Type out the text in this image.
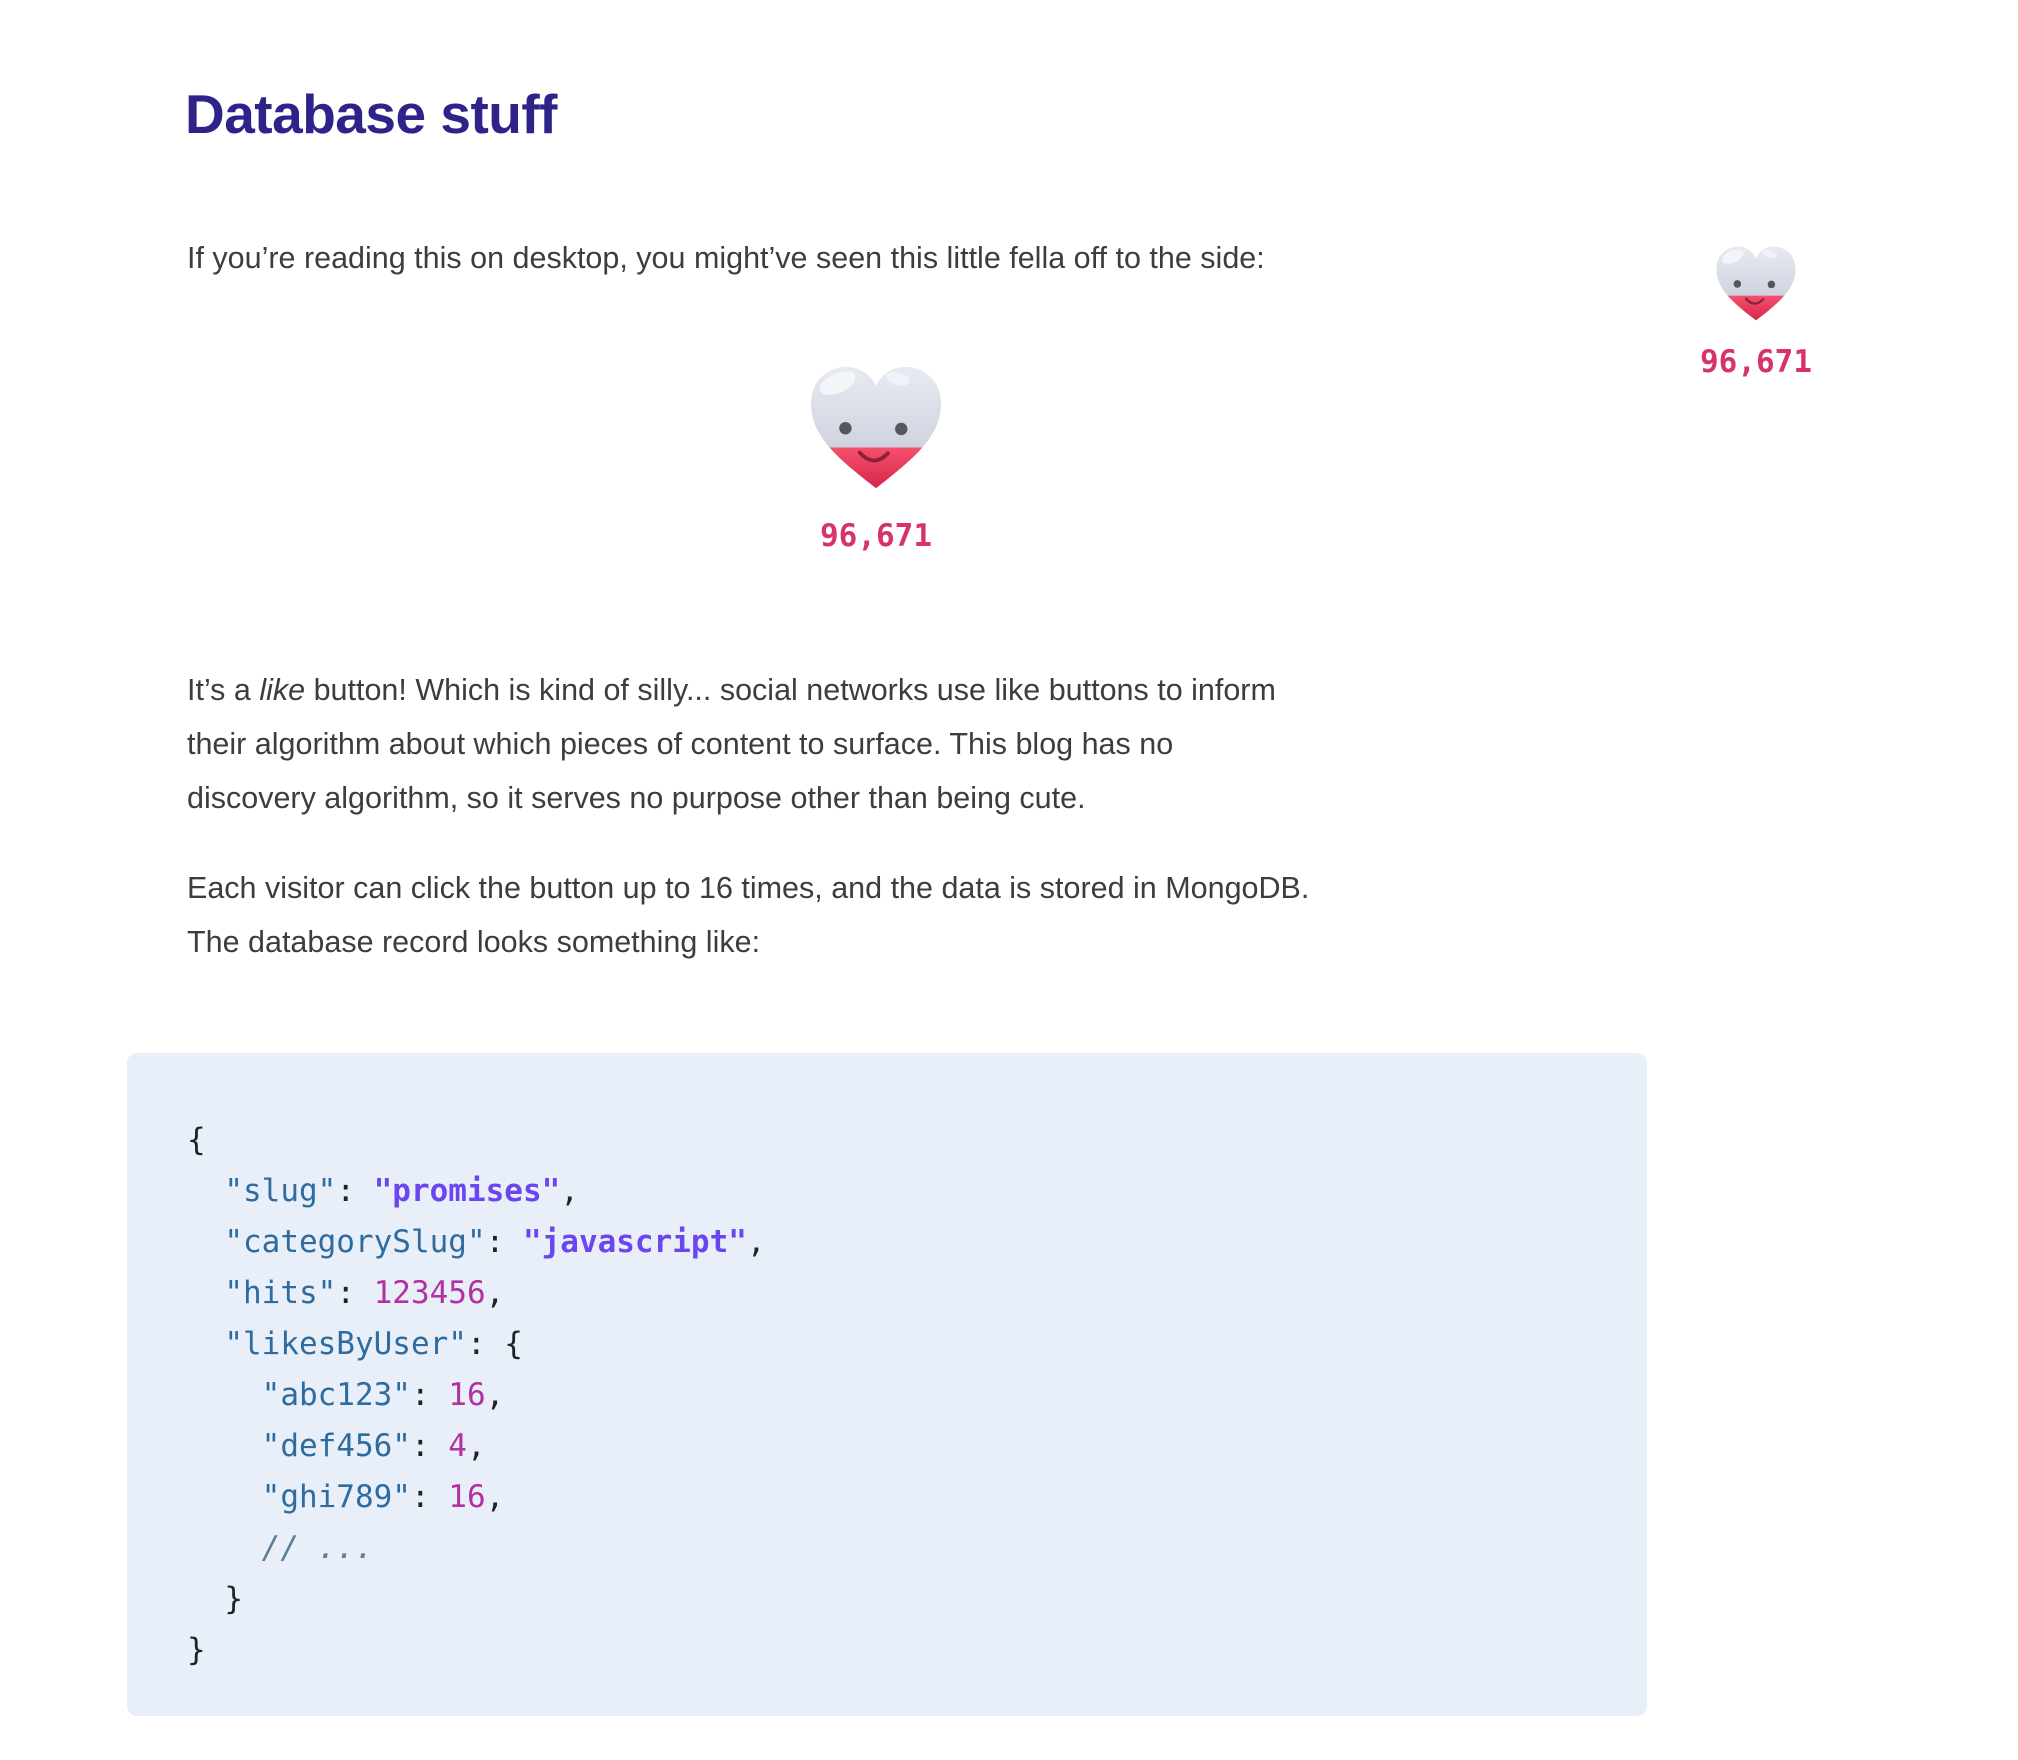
Database stuff
If you’re reading this on desktop, you might’ve seen this little fella off to the side:
96,671
96,671
It’s a like button! Which is kind of silly... social networks use like buttons to inform
their algorithm about which pieces of content to surface. This blog has no
discovery algorithm, so it serves no purpose other than being cute.
Each visitor can click the button up to 16 times, and the data is stored in MongoDB.
The database record looks something like:
{
"slug": "promises",
"categorySlug": "javascript",
"hits": 123456,
"likesByUser": {
"abc123": 16,
"def456": 4,
"ghi789": 16,
// ...
}
}
